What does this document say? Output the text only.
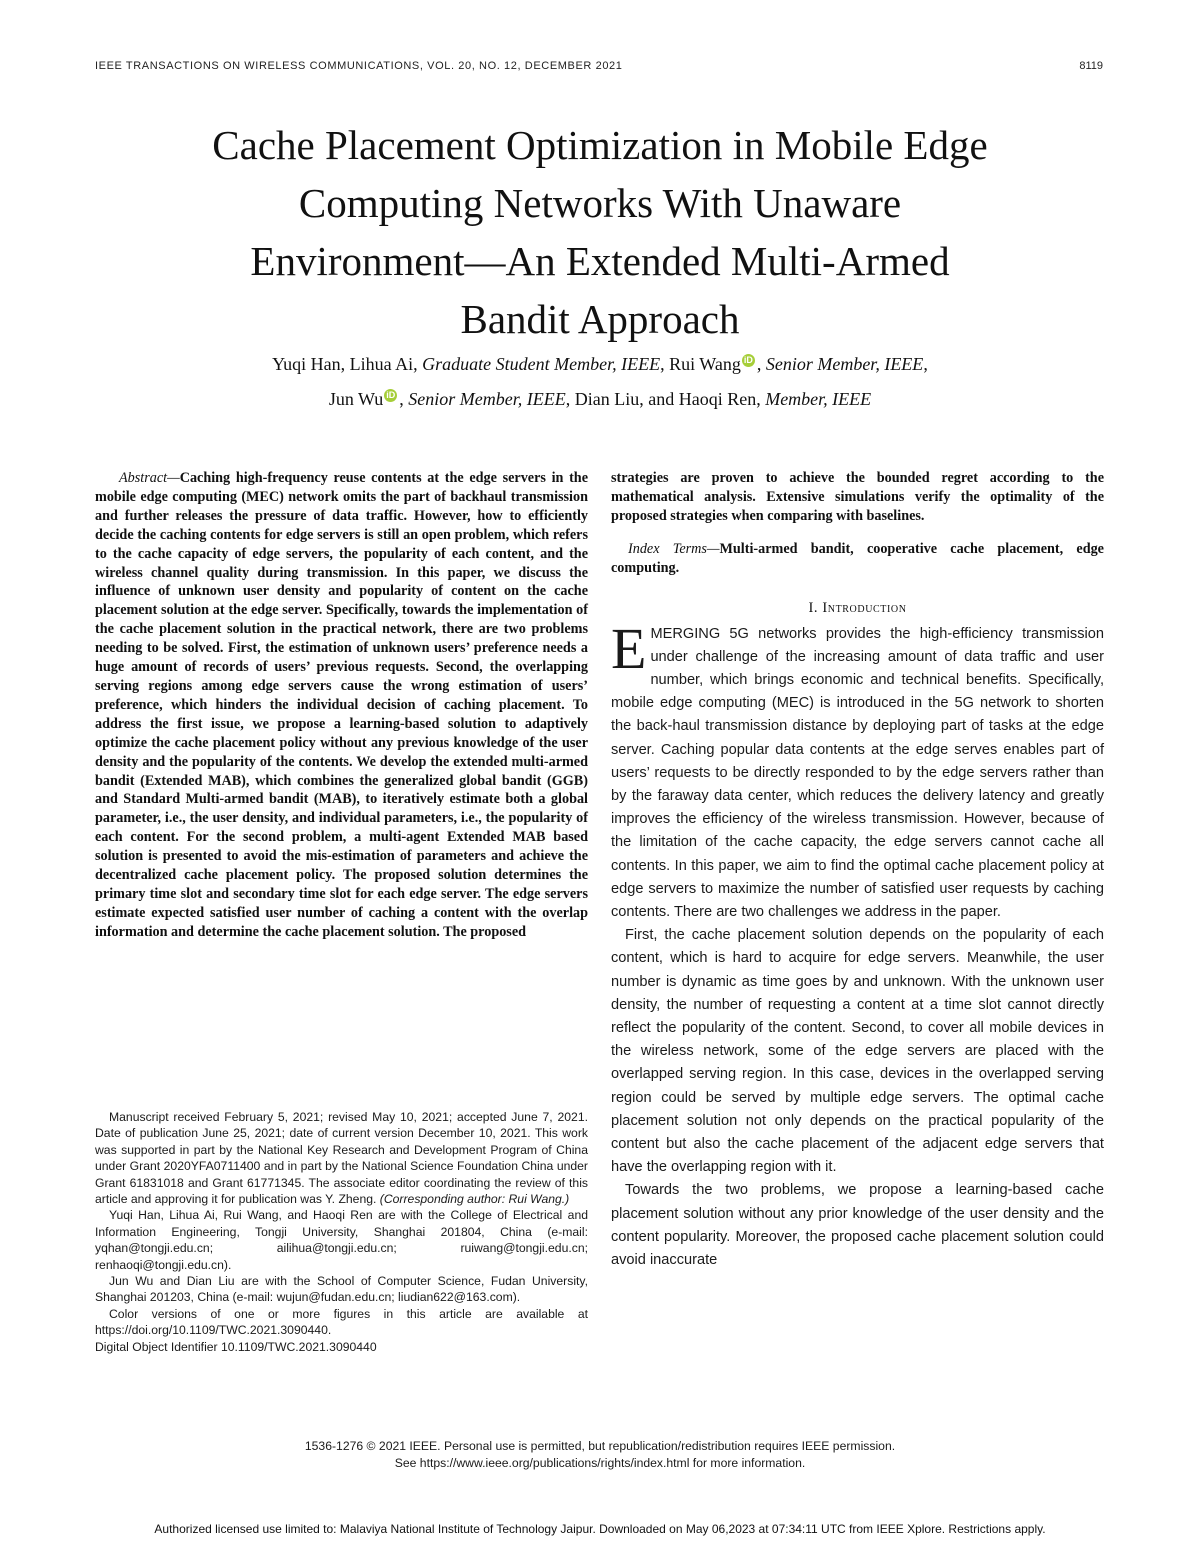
IEEE TRANSACTIONS ON WIRELESS COMMUNICATIONS, VOL. 20, NO. 12, DECEMBER 2021	8119
Cache Placement Optimization in Mobile Edge
Computing Networks With Unaware
Environment—An Extended Multi-Armed
Bandit Approach
Yuqi Han, Lihua Ai, Graduate Student Member, IEEE, Rui Wang iD , Senior Member, IEEE,
Jun Wu iD , Senior Member, IEEE, Dian Liu, and Haoqi Ren, Member, IEEE

Abstract—Caching high-frequency reuse contents at the edge servers in the mobile edge computing (MEC) network omits the part of backhaul transmission and further releases the pressure of data traffic. However, how to efficiently decide the caching contents for edge servers is still an open problem, which refers to the cache capacity of edge servers, the popularity of each content, and the wireless channel quality during transmission. In this paper, we discuss the influence of unknown user density and popularity of content on the cache placement solution at the edge server. Specifically, towards the implementation of the cache placement solution in the practical network, there are two problems needing to be solved. First, the estimation of unknown users’ preference needs a huge amount of records of users’ previous requests. Second, the overlapping serving regions among edge servers cause the wrong estimation of users’ preference, which hinders the individual decision of caching placement. To address the first issue, we propose a learning-based solution to adaptively optimize the cache placement policy without any previous knowledge of the user density and the popularity of the contents. We develop the extended multi-armed bandit (Extended MAB), which combines the generalized global bandit (GGB) and Standard Multi-armed bandit (MAB), to iteratively estimate both a global parameter, i.e., the user density, and individual parameters, i.e., the popularity of each content. For the second problem, a multi-agent Extended MAB based solution is presented to avoid the mis-estimation of parameters and achieve the decentralized cache placement policy. The proposed solution determines the primary time slot and secondary time slot for each edge server. The edge servers estimate expected satisfied user number of caching a content with the overlap information and determine the cache placement solution. The proposed

strategies are proven to achieve the bounded regret according to the mathematical analysis. Extensive simulations verify the optimality of the proposed strategies when comparing with baselines.

Index Terms—Multi-armed bandit, cooperative cache placement, edge computing.

I. Introduction

EMERGING 5G networks provides the high-efficiency transmission under challenge of the increasing amount of data traffic and user number, which brings economic and technical benefits. Specifically, mobile edge computing (MEC) is introduced in the 5G network to shorten the back-haul transmission distance by deploying part of tasks at the edge server. Caching popular data contents at the edge serves enables part of users’ requests to be directly responded to by the edge servers rather than by the faraway data center, which reduces the delivery latency and greatly improves the efficiency of the wireless transmission. However, because of the limitation of the cache capacity, the edge servers cannot cache all contents. In this paper, we aim to find the optimal cache placement policy at edge servers to maximize the number of satisfied user requests by caching contents. There are two challenges we address in the paper.

First, the cache placement solution depends on the popularity of each content, which is hard to acquire for edge servers. Meanwhile, the user number is dynamic as time goes by and unknown. With the unknown user density, the number of requesting a content at a time slot cannot directly reflect the popularity of the content. Second, to cover all mobile devices in the wireless network, some of the edge servers are placed with the overlapped serving region. In this case, devices in the overlapped serving region could be served by multiple edge servers. The optimal cache placement solution not only depends on the practical popularity of the content but also the cache placement of the adjacent edge servers that have the overlapping region with it.

Towards the two problems, we propose a learning-based cache placement solution without any prior knowledge of the user density and the content popularity. Moreover, the proposed cache placement solution could avoid inaccurate

Manuscript received February 5, 2021; revised May 10, 2021; accepted June 7, 2021. Date of publication June 25, 2021; date of current version December 10, 2021. This work was supported in part by the National Key Research and Development Program of China under Grant 2020YFA0711400 and in part by the National Science Foundation China under Grant 61831018 and Grant 61771345. The associate editor coordinating the review of this article and approving it for publication was Y. Zheng. (Corresponding author: Rui Wang.)

Yuqi Han, Lihua Ai, Rui Wang, and Haoqi Ren are with the College of Electrical and Information Engineering, Tongji University, Shanghai 201804, China (e-mail: yqhan@tongji.edu.cn; ailihua@tongji.edu.cn; ruiwang@tongji.edu.cn; renhaoqi@tongji.edu.cn).

Jun Wu and Dian Liu are with the School of Computer Science, Fudan University, Shanghai 201203, China (e-mail: wujun@fudan.edu.cn; liudian622@163.com).

Color versions of one or more figures in this article are available at https://doi.org/10.1109/TWC.2021.3090440.

Digital Object Identifier 10.1109/TWC.2021.3090440

1536-1276 © 2021 IEEE. Personal use is permitted, but republication/redistribution requires IEEE permission.
See https://www.ieee.org/publications/rights/index.html for more information.
Authorized licensed use limited to: Malaviya National Institute of Technology Jaipur. Downloaded on May 06,2023 at 07:34:11 UTC from IEEE Xplore. Restrictions apply.
